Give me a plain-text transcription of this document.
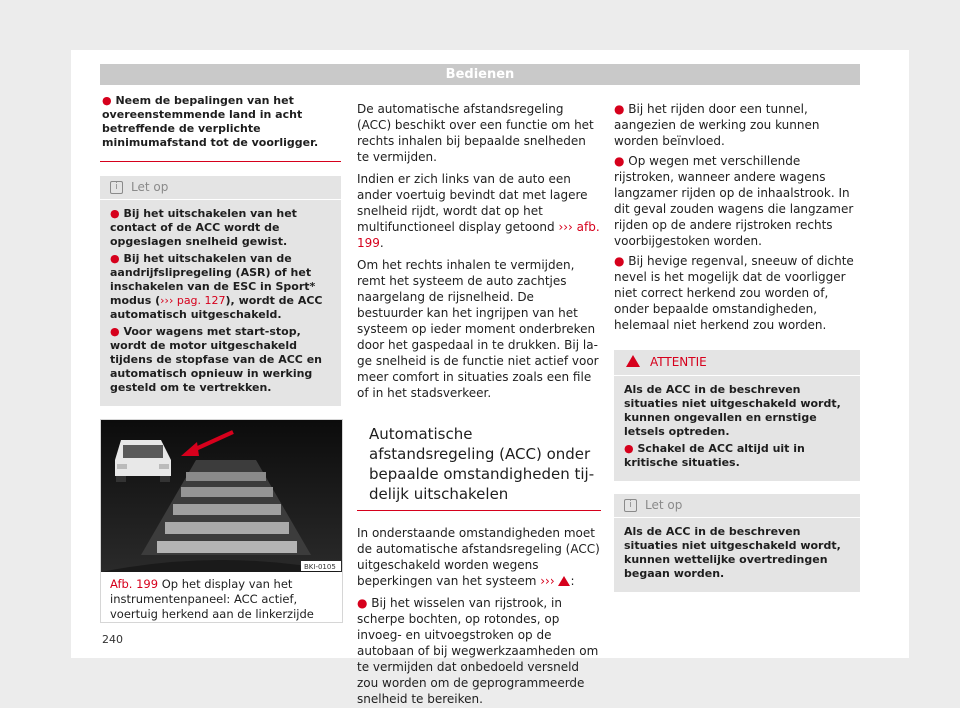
Bedienen
● Neem de bepalingen van het overeenstemmende land in acht betreffende de verplichte minimumafstand tot de voorligger.
i Let op

● Bij het uitschakelen van het contact of de ACC wordt de opgeslagen snelheid gewist.

● Bij het uitschakelen van de aandrijfslipregeling (ASR) of het inschakelen van de ESC in Sport* modus (››› pag. 127), wordt de ACC automatisch uitgeschakeld.

● Voor wagens met start-stop, wordt de motor uitgeschakeld tijdens de stopfase van de ACC en automatisch opnieuw in werking gesteld om te vertrekken.

BKI-0105
Afb. 199 Op het display van het instrumentenpaneel: ACC actief, voertuig herkend aan de linkerzijde

De automatische afstandsregeling (ACC) beschikt over een functie om het rechts inhalen bij bepaalde snelheden te vermijden.

Indien er zich links van de auto een ander voertuig bevindt dat met lagere snelheid rijdt, wordt dat op het multifunctioneel display getoond ››› afb. 199.

Om het rechts inhalen te vermijden, remt het systeem de auto zachtjes naargelang de rijsnelheid. De bestuurder kan het ingrijpen van het systeem op ieder moment onderbreken door het gaspedaal in te drukken. Bij lage snelheid is de functie niet actief voor meer comfort in situaties zoals een file of in het stadsverkeer.

Automatische afstandsregeling (ACC) onder bepaalde omstandigheden tijdelijk uitschakelen

In onderstaande omstandigheden moet de automatische afstandsregeling (ACC) uitgeschakeld worden wegens beperkingen van het systeem ››› :

● Bij het wisselen van rijstrook, in scherpe bochten, op rotondes, op invoeg- en uitvoegstroken op de autobaan of bij wegwerkzaamheden om te vermijden dat onbedoeld versneld zou worden om de geprogrammeerde snelheid te bereiken.

● Bij het rijden door een tunnel, aangezien de werking zou kunnen worden beïnvloed.

● Op wegen met verschillende rijstroken, wanneer andere wagens langzamer rijden op de inhaalstrook. In dit geval zouden wagens die langzamer rijden op de andere rijstroken rechts voorbijgestoken worden.

● Bij hevige regenval, sneeuw of dichte nevel is het mogelijk dat de voorligger niet correct herkend zou worden of, onder bepaalde omstandigheden, helemaal niet herkend zou worden.

ATTENTIE

Als de ACC in de beschreven situaties niet uitgeschakeld wordt, kunnen ongevallen en ernstige letsels optreden.

● Schakel de ACC altijd uit in kritische situaties.

i Let op

Als de ACC in de beschreven situaties niet uitgeschakeld wordt, kunnen wettelijke overtredingen begaan worden.

240
